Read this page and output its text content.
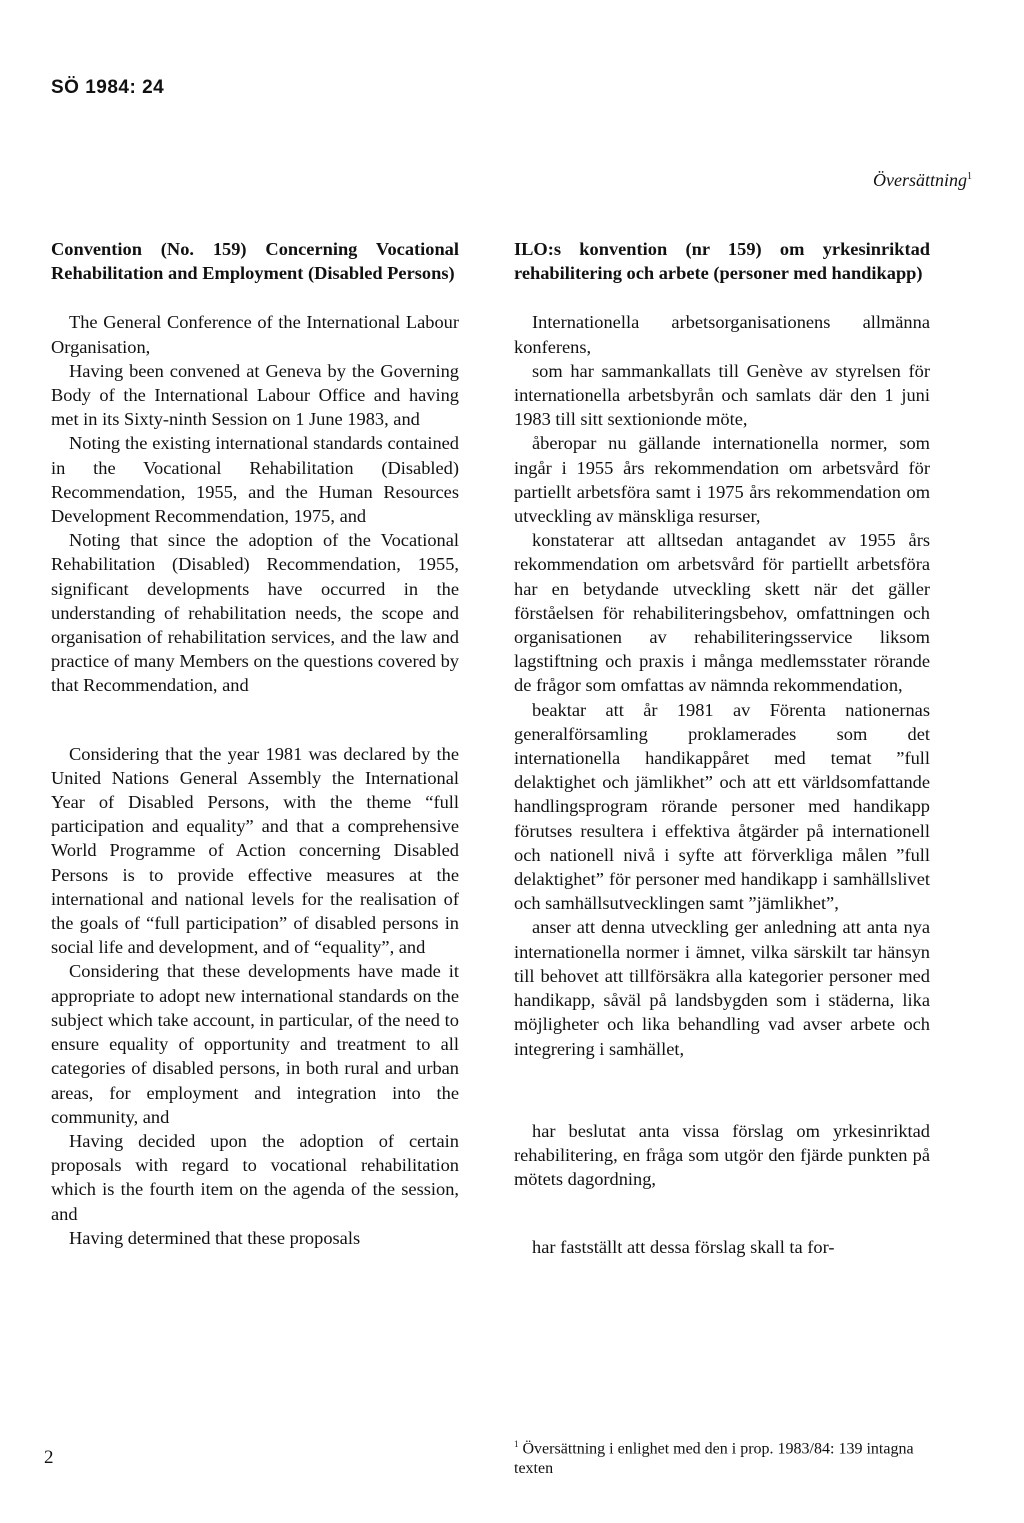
SÖ 1984: 24
Översättning$^1$

Convention (No. 159) Concerning Vocational Rehabilitation and Employment (Disabled Persons)

The General Conference of the International Labour Organisation,

Having been convened at Geneva by the Governing Body of the International Labour Office and having met in its Sixty-ninth Session on 1 June 1983, and

Noting the existing international standards contained in the Vocational Rehabilitation (Disabled) Recommendation, 1955, and the Human Resources Development Recommendation, 1975, and

Noting that since the adoption of the Vocational Rehabilitation (Disabled) Recommendation, 1955, significant developments have occurred in the understanding of rehabilitation needs, the scope and organisation of rehabilitation services, and the law and practice of many Members on the questions covered by that Recommendation, and

Considering that the year 1981 was declared by the United Nations General Assembly the International Year of Disabled Persons, with the theme “full participation and equality” and that a comprehensive World Programme of Action concerning Disabled Persons is to provide effective measures at the international and national levels for the realisation of the goals of “full participation” of disabled persons in social life and development, and of “equality”, and

Considering that these developments have made it appropriate to adopt new international standards on the subject which take account, in particular, of the need to ensure equality of opportunity and treatment to all categories of disabled persons, in both rural and urban areas, for employment and integration into the community, and

Having decided upon the adoption of certain proposals with regard to vocational rehabilitation which is the fourth item on the agenda of the session, and

Having determined that these proposals

ILO:s konvention (nr 159) om yrkesinriktad rehabilitering och arbete (personer med handikapp)

Internationella arbetsorganisationens allmänna konferens,

som har sammankallats till Genève av styrelsen för internationella arbetsbyrån och samlats där den 1 juni 1983 till sitt sextionionde möte,

åberopar nu gällande internationella normer, som ingår i 1955 års rekommendation om arbetsvård för partiellt arbetsföra samt i 1975 års rekommendation om utveckling av mänskliga resurser,

konstaterar att alltsedan antagandet av 1955 års rekommendation om arbetsvård för partiellt arbetsföra har en betydande utveckling skett när det gäller förståelsen för rehabiliteringsbehov, omfattningen och organisationen av rehabiliteringsservice liksom lagstiftning och praxis i många medlemsstater rörande de frågor som omfattas av nämnda rekommendation,

beaktar att år 1981 av Förenta nationernas generalförsamling proklamerades som det internationella handikappåret med temat ”full delaktighet och jämlikhet” och att ett världsomfattande handlingsprogram rörande personer med handikapp förutses resultera i effektiva åtgärder på internationell och nationell nivå i syfte att förverkliga målen ”full delaktighet” för personer med handikapp i samhällslivet och samhällsutvecklingen samt ”jämlikhet”,

anser att denna utveckling ger anledning att anta nya internationella normer i ämnet, vilka särskilt tar hänsyn till behovet att tillförsäkra alla kategorier personer med handikapp, såväl på landsbygden som i städerna, lika möjligheter och lika behandling vad avser arbete och integrering i samhället,

har beslutat anta vissa förslag om yrkesinriktad rehabilitering, en fråga som utgör den fjärde punkten på mötets dagordning,

har fastställt att dessa förslag skall ta for-

2
$^1$ Översättning i enlighet med den i prop. 1983/84: 139 intagna texten
